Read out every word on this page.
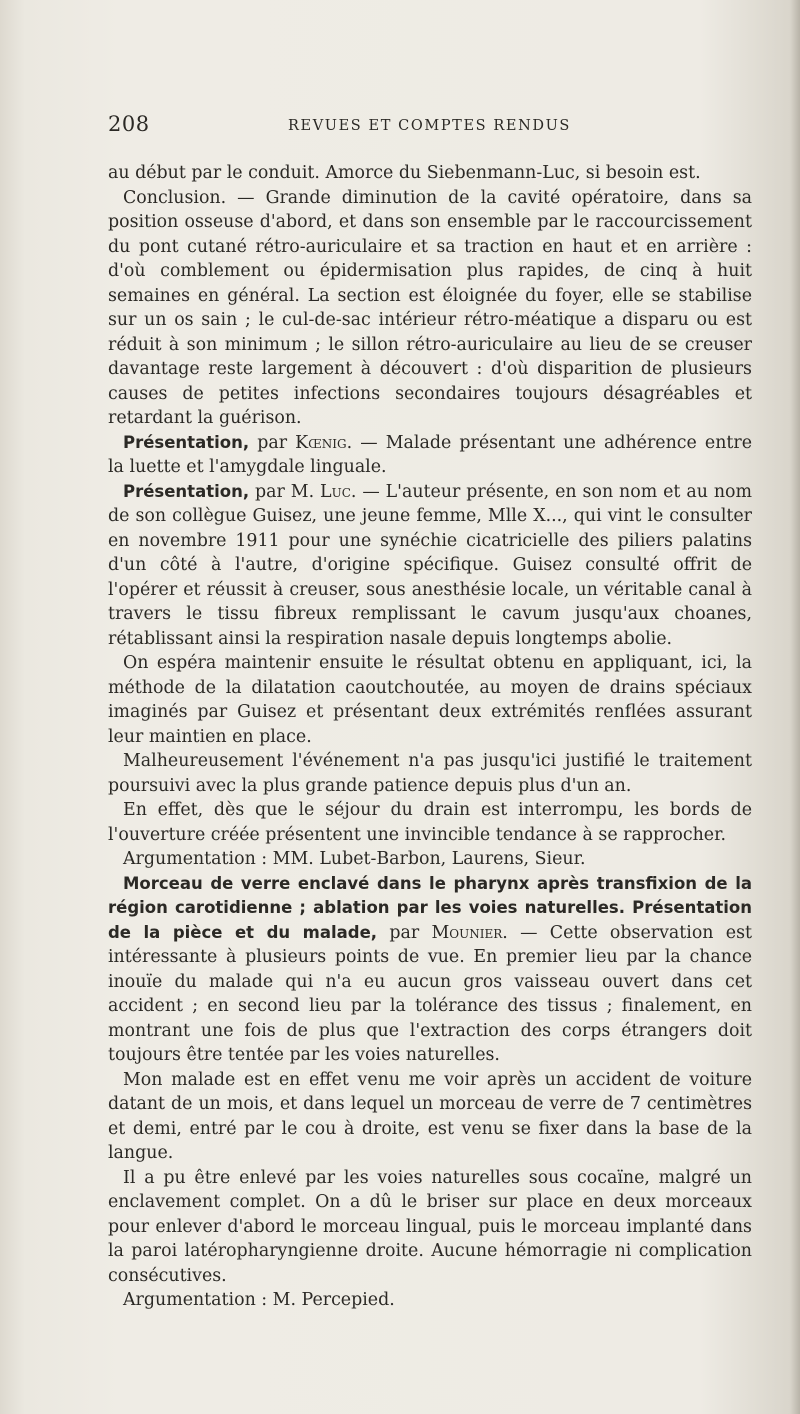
208	REVUES ET COMPTES RENDUS

au début par le conduit. Amorce du Siebenmann-Luc, si besoin est.

Conclusion. — Grande diminution de la cavité opératoire, dans sa position osseuse d'abord, et dans son ensemble par le raccourcissement du pont cutané rétro-auriculaire et sa traction en haut et en arrière : d'où comblement ou épidermisation plus rapides, de cinq à huit semaines en général. La section est éloignée du foyer, elle se stabilise sur un os sain ; le cul-de-sac intérieur rétro-méatique a disparu ou est réduit à son minimum ; le sillon rétro-auriculaire au lieu de se creuser davantage reste largement à découvert : d'où disparition de plusieurs causes de petites infections secondaires toujours désagréables et retardant la guérison.

Présentation, par Kœnig. — Malade présentant une adhérence entre la luette et l'amygdale linguale.

Présentation, par M. Luc. — L'auteur présente, en son nom et au nom de son collègue Guisez, une jeune femme, Mlle X..., qui vint le consulter en novembre 1911 pour une synéchie cicatricielle des piliers palatins d'un côté à l'autre, d'origine spécifique. Guisez consulté offrit de l'opérer et réussit à creuser, sous anesthésie locale, un véritable canal à travers le tissu fibreux remplissant le cavum jusqu'aux choanes, rétablissant ainsi la respiration nasale depuis longtemps abolie.

On espéra maintenir ensuite le résultat obtenu en appliquant, ici, la méthode de la dilatation caoutchoutée, au moyen de drains spéciaux imaginés par Guisez et présentant deux extrémités renflées assurant leur maintien en place.

Malheureusement l'événement n'a pas jusqu'ici justifié le traitement poursuivi avec la plus grande patience depuis plus d'un an.

En effet, dès que le séjour du drain est interrompu, les bords de l'ouverture créée présentent une invincible tendance à se rapprocher.

Argumentation : MM. Lubet-Barbon, Laurens, Sieur.

Morceau de verre enclavé dans le pharynx après transfixion de la région carotidienne ; ablation par les voies naturelles. Présentation de la pièce et du malade, par Mounier. — Cette observation est intéressante à plusieurs points de vue. En premier lieu par la chance inouïe du malade qui n'a eu aucun gros vaisseau ouvert dans cet accident ; en second lieu par la tolérance des tissus ; finalement, en montrant une fois de plus que l'extraction des corps étrangers doit toujours être tentée par les voies naturelles.

Mon malade est en effet venu me voir après un accident de voiture datant de un mois, et dans lequel un morceau de verre de 7 centimètres et demi, entré par le cou à droite, est venu se fixer dans la base de la langue.

Il a pu être enlevé par les voies naturelles sous cocaïne, malgré un enclavement complet. On a dû le briser sur place en deux morceaux pour enlever d'abord le morceau lingual, puis le morceau implanté dans la paroi latéropharyngienne droite. Aucune hémorragie ni complication consécutives.

Argumentation : M. Percepied.
